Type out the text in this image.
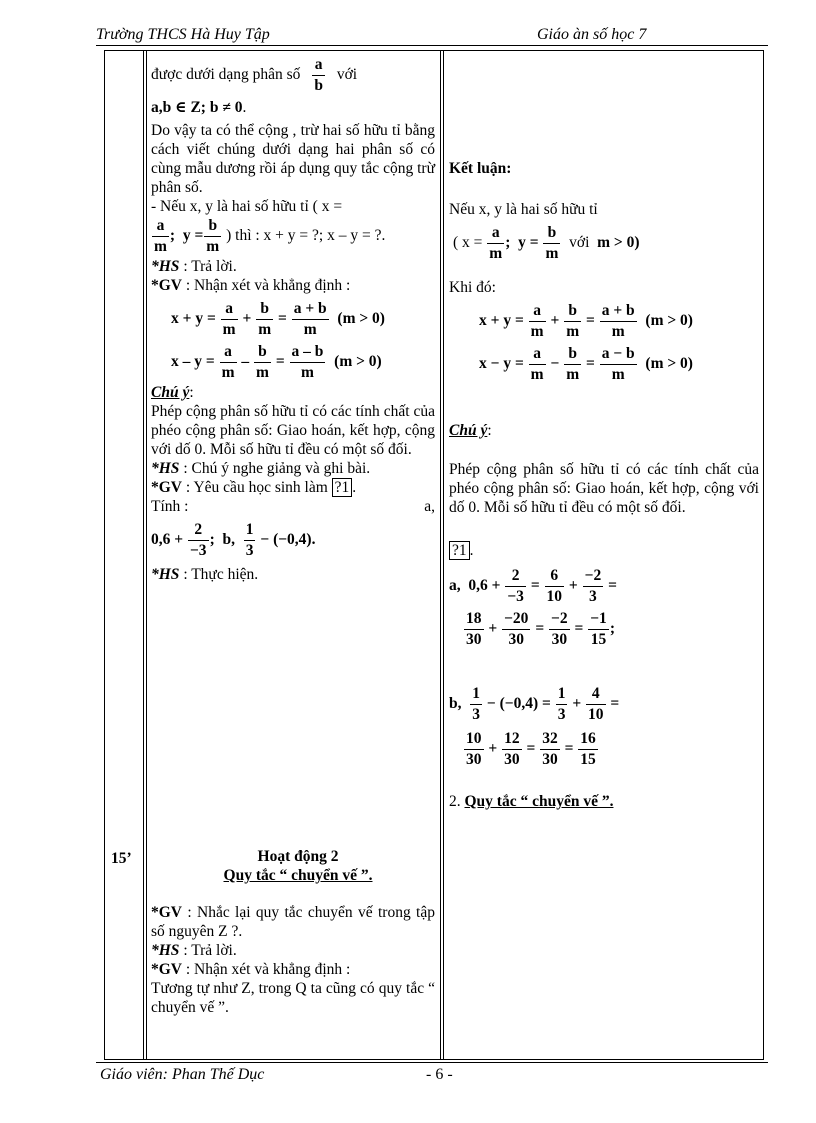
Trường THCS Hà Huy Tập	Giáo àn số học 7
15’

được dưới dạng phân số $\frac{a}{b}$ với

a,b ∈ Z; b ≠ 0.

Do vậy ta có thể cộng , trừ hai số hữu tỉ bằng cách viết chúng dưới dạng hai phân số có cùng mẫu dương rồi áp dụng quy tắc cộng trừ phân số.

- Nếu x, y là hai số hữu tỉ ( x =

$\frac{a}{m}$ ;  $y = \frac{b}{m}$ ) thì : x + y = ?; x – y = ?.

*HS : Trả lời.

*GV : Nhận xét và khẳng định :

$x + y = \frac{a}{m} + \frac{b}{m} = \frac{a + b}{m} (m > 0)$

$x - y = \frac{a}{m} - \frac{b}{m} = \frac{a - b}{m} (m > 0)$

Chú ý:

Phép cộng phân số hữu tỉ có các tính chất của phéo cộng phân số: Giao hoán, kết hợp, cộng với dố 0. Mỗi số hữu tỉ đều có một số đối.

*HS : Chú ý nghe giảng và ghi bài.

*GV : Yêu cầu học sinh làm ?1 .

Tính :	a,

$0,6 + \frac{2}{-3}$ ;  b, $\frac{1}{3} - (-0,4)$.

*HS : Thực hiện.

Hoạt động 2

Quy tắc “ chuyển vế ”.

*GV : Nhắc lại quy tắc chuyển vế trong tập số nguyên Z ?.

*HS : Trả lời.

*GV : Nhận xét và khẳng định :

Tương tự như Z, trong Q ta cũng có quy tắc “ chuyển vế ”.

Kết luận:

Nếu x, y là hai số hữu tỉ

( $x = \frac{a}{m}$ ;  $y = \frac{b}{m}$ với m > 0)

Khi đó:

$x + y = \frac{a}{m} + \frac{b}{m} = \frac{a + b}{m} (m > 0)$

$x - y = \frac{a}{m} - \frac{b}{m} = \frac{a - b}{m} (m > 0)$

Chú ý:

Phép cộng phân số hữu tỉ có các tính chất của phéo cộng phân số: Giao hoán, kết hợp, cộng với dố 0. Mỗi số hữu tỉ đều có một số đối.

?1 .

a,  $0,6 + \frac{2}{-3} = \frac{6}{10} + \frac{-2}{3}$ =

$\frac{18}{30} + \frac{-20}{30} = \frac{-2}{30} = \frac{-1}{15}$ ;

b, $\frac{1}{3} - (-0,4) = \frac{1}{3} + \frac{4}{10}$ =

$\frac{10}{30} + \frac{12}{30} = \frac{32}{30} = \frac{16}{15}$

2. Quy tắc “ chuyển vế ”.

Giáo viên: Phan Thế Dục	- 6 -
